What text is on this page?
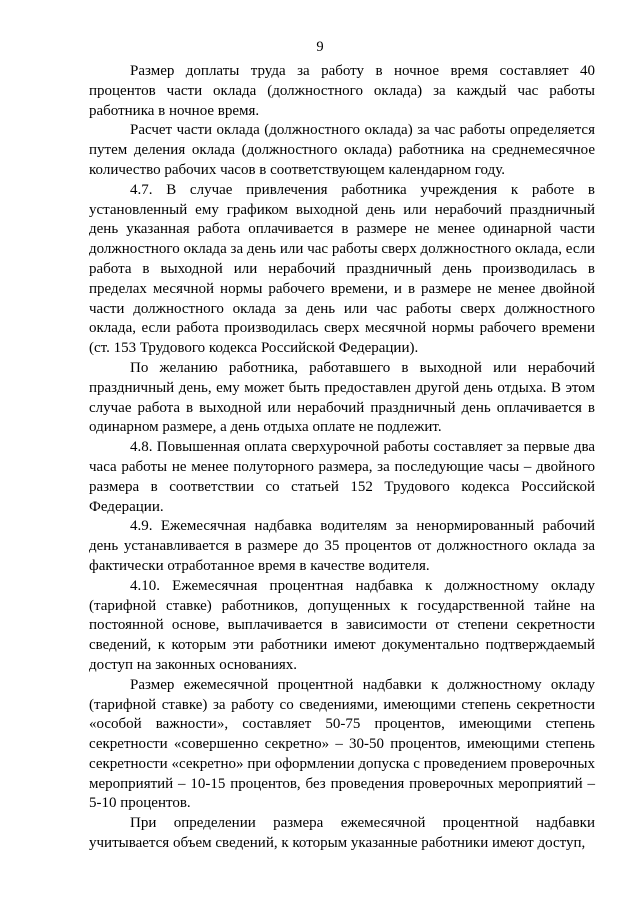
9

Размер доплаты труда за работу в ночное время составляет 40 процентов части оклада (должностного оклада) за каждый час работы работника в ночное время.

Расчет части оклада (должностного оклада) за час работы определяется путем деления оклада (должностного оклада) работника на среднемесячное количество рабочих часов в соответствующем календарном году.

4.7. В случае привлечения работника учреждения к работе в установленный ему графиком выходной день или нерабочий праздничный день указанная работа оплачивается в размере не менее одинарной части должностного оклада за день или час работы сверх должностного оклада, если работа в выходной или нерабочий праздничный день производилась в пределах месячной нормы рабочего времени, и в размере не менее двойной части должностного оклада за день или час работы сверх должностного оклада, если работа производилась сверх месячной нормы рабочего времени (ст. 153 Трудового кодекса Российской Федерации).

По желанию работника, работавшего в выходной или нерабочий праздничный день, ему может быть предоставлен другой день отдыха. В этом случае работа в выходной или нерабочий праздничный день оплачивается в одинарном размере, а день отдыха оплате не подлежит.

4.8. Повышенная оплата сверхурочной работы составляет за первые два часа работы не менее полуторного размера, за последующие часы – двойного размера в соответствии со статьей 152 Трудового кодекса Российской Федерации.

4.9. Ежемесячная надбавка водителям за ненормированный рабочий день устанавливается в размере до 35 процентов от должностного оклада за фактически отработанное время в качестве водителя.

4.10. Ежемесячная процентная надбавка к должностному окладу (тарифной ставке) работников, допущенных к государственной тайне на постоянной основе, выплачивается в зависимости от степени секретности сведений, к которым эти работники имеют документально подтверждаемый доступ на законных основаниях.

Размер ежемесячной процентной надбавки к должностному окладу (тарифной ставке) за работу со сведениями, имеющими степень секретности «особой важности», составляет 50-75 процентов, имеющими степень секретности «совершенно секретно» – 30-50 процентов, имеющими степень секретности «секретно» при оформлении допуска с проведением проверочных мероприятий – 10-15 процентов, без проведения проверочных мероприятий – 5-10 процентов.

При определении размера ежемесячной процентной надбавки учитывается объем сведений, к которым указанные работники имеют доступ,
